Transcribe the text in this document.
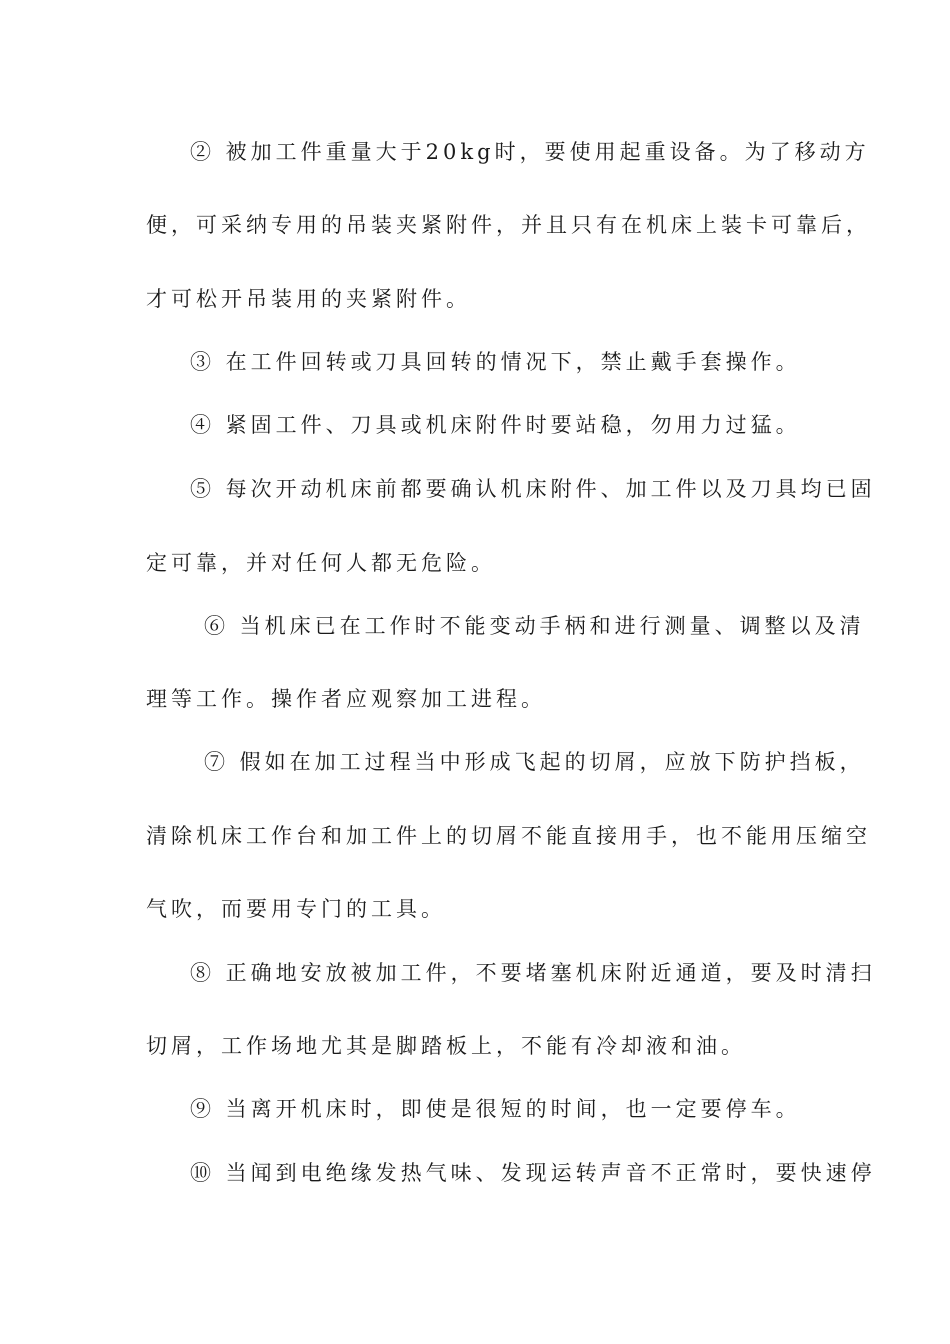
② 被加工件重量大于20kg时，要使用起重设备。为了移动方
便，可采纳专用的吊装夹紧附件，并且只有在机床上装卡可靠后，
才可松开吊装用的夹紧附件。
③ 在工件回转或刀具回转的情况下，禁止戴手套操作。
④ 紧固工件、刀具或机床附件时要站稳，勿用力过猛。
⑤ 每次开动机床前都要确认机床附件、加工件以及刀具均已固
定可靠，并对任何人都无危险。
⑥ 当机床已在工作时不能变动手柄和进行测量、调整以及清
理等工作。操作者应观察加工进程。
⑦ 假如在加工过程当中形成飞起的切屑，应放下防护挡板，
清除机床工作台和加工件上的切屑不能直接用手，也不能用压缩空
气吹，而要用专门的工具。
⑧ 正确地安放被加工件，不要堵塞机床附近通道，要及时清扫
切屑，工作场地尤其是脚踏板上，不能有冷却液和油。
⑨ 当离开机床时，即使是很短的时间，也一定要停车。
⑩ 当闻到电绝缘发热气味、发现运转声音不正常时，要快速停
